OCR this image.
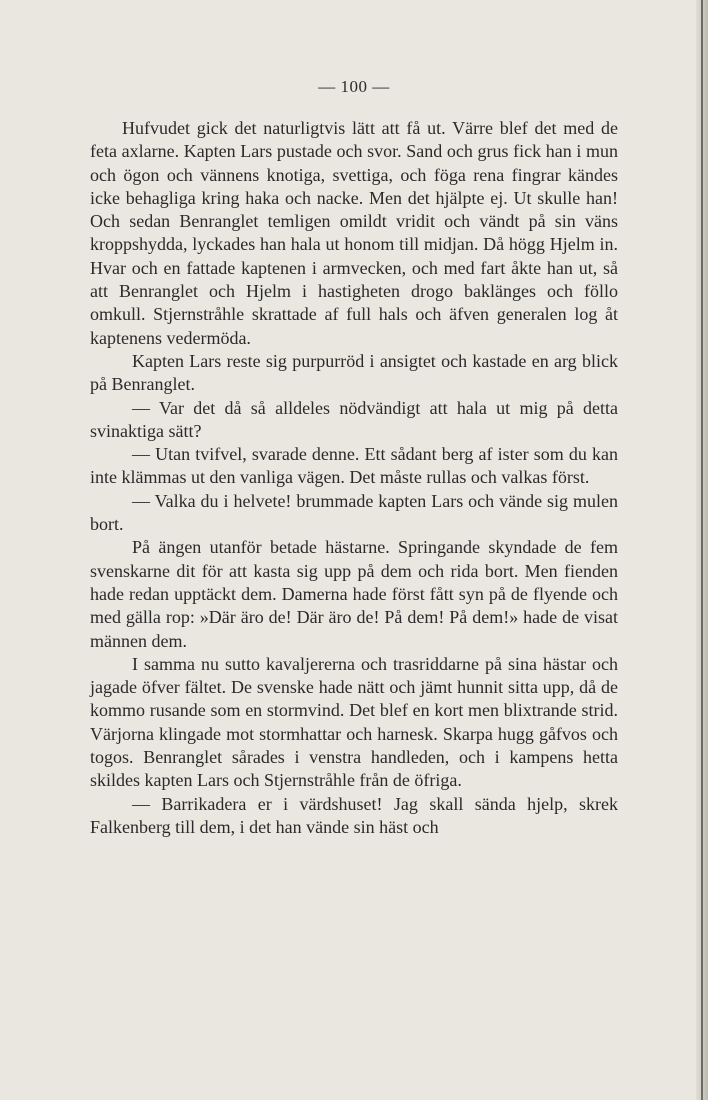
— 100 —

Hufvudet gick det naturligtvis lätt att få ut. Värre blef det med de feta axlarne. Kapten Lars pustade och svor. Sand och grus fick han i mun och ögon och vännens knotiga, svettiga, och föga rena fingrar kändes icke behagliga kring haka och nacke. Men det hjälpte ej. Ut skulle han! Och sedan Benranglet temligen omildt vridit och vändt på sin väns kroppshydda, lyckades han hala ut honom till midjan. Då högg Hjelm in. Hvar och en fattade kaptenen i armvecken, och med fart åkte han ut, så att Benranglet och Hjelm i hastigheten drogo baklänges och föllo omkull. Stjernstråhle skrattade af full hals och äfven generalen log åt kaptenens vedermöda.

Kapten Lars reste sig purpurröd i ansigtet och kastade en arg blick på Benranglet.

— Var det då så alldeles nödvändigt att hala ut mig på detta svinaktiga sätt?

— Utan tvifvel, svarade denne. Ett sådant berg af ister som du kan inte klämmas ut den vanliga vägen. Det måste rullas och valkas först.

— Valka du i helvete! brummade kapten Lars och vände sig mulen bort.

På ängen utanför betade hästarne. Springande skyndade de fem svenskarne dit för att kasta sig upp på dem och rida bort. Men fienden hade redan upptäckt dem. Damerna hade först fått syn på de flyende och med gälla rop: »Där äro de! Där äro de! På dem! På dem!» hade de visat männen dem.

I samma nu sutto kavaljererna och trasriddarne på sina hästar och jagade öfver fältet. De svenske hade nätt och jämt hunnit sitta upp, då de kommo rusande som en stormvind. Det blef en kort men blixtrande strid. Värjorna klingade mot stormhattar och harnesk. Skarpa hugg gåfvos och togos. Benranglet sårades i venstra handleden, och i kampens hetta skildes kapten Lars och Stjernstråhle från de öfriga.

— Barrikadera er i värdshuset! Jag skall sända hjelp, skrek Falkenberg till dem, i det han vände sin häst och
